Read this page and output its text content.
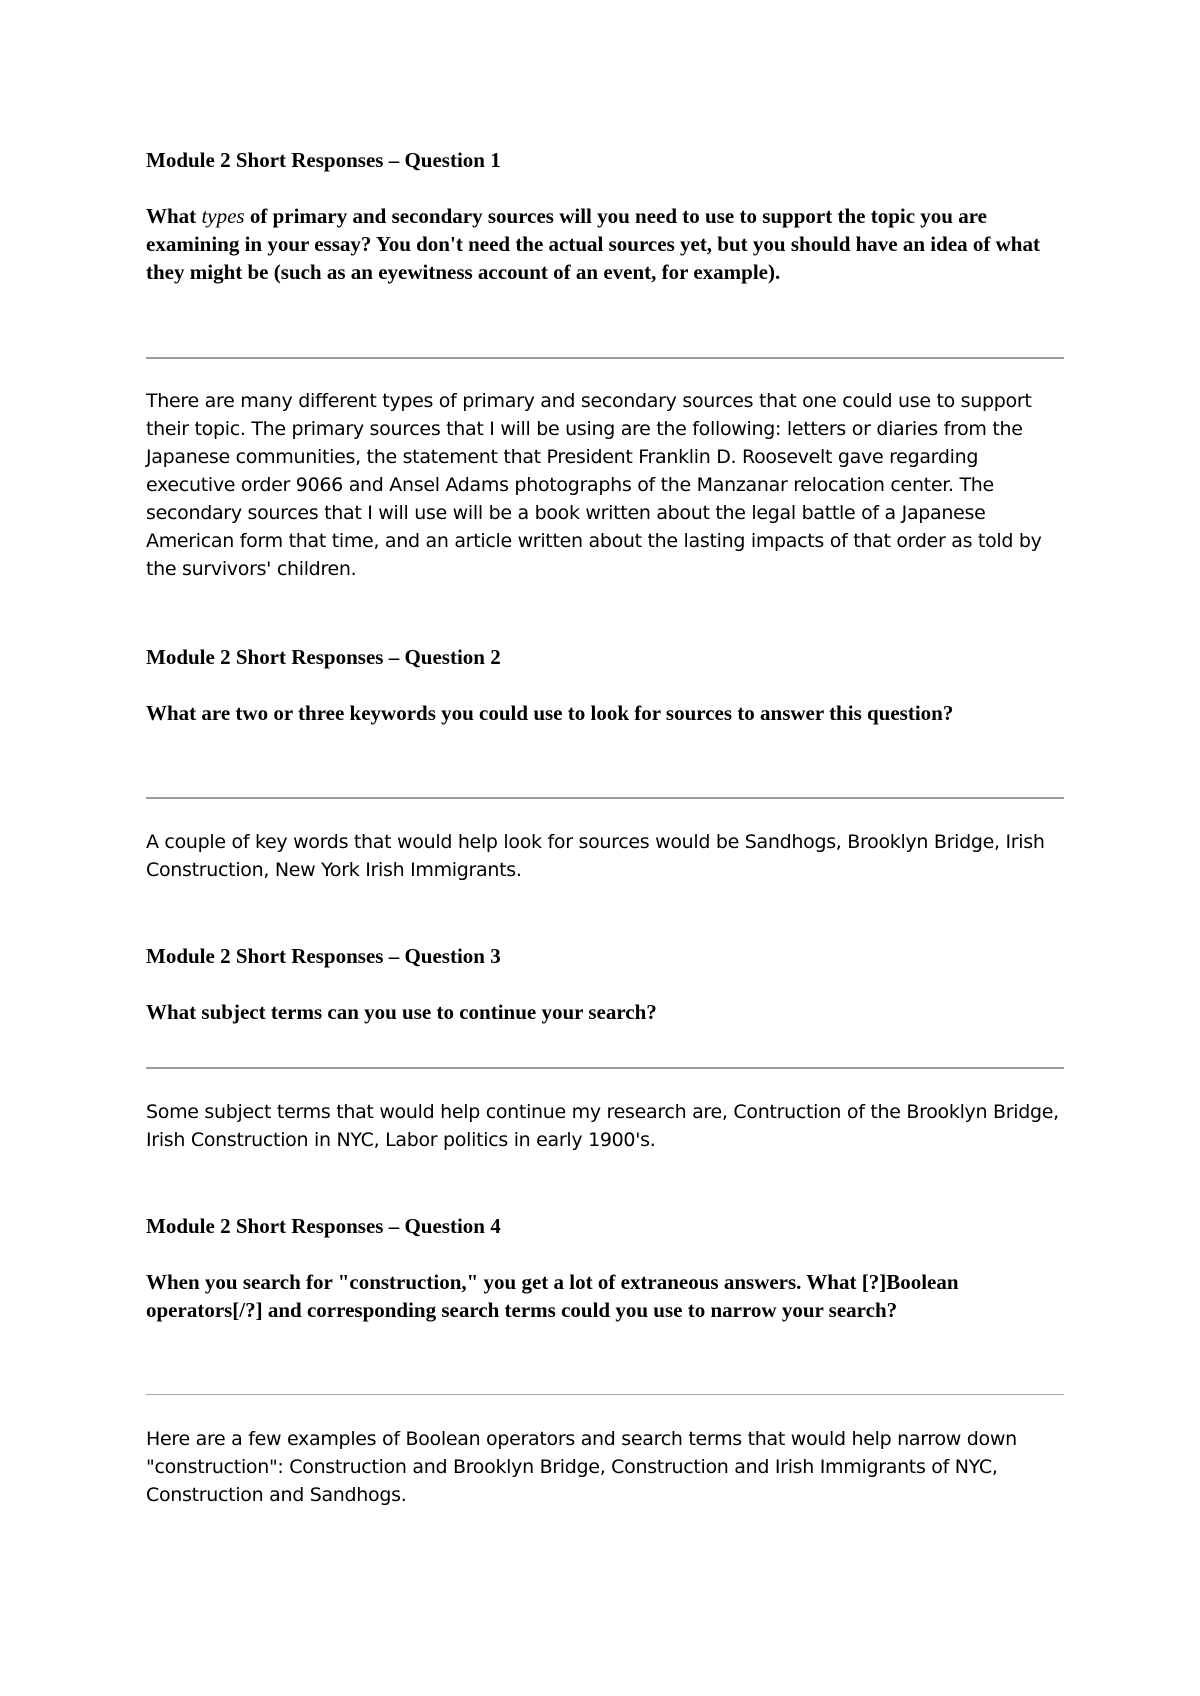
Module 2 Short Responses – Question 1

What types of primary and secondary sources will you need to use to support the topic you are examining in your essay? You don't need the actual sources yet, but you should have an idea of what they might be (such as an eyewitness account of an event, for example).

There are many different types of primary and secondary sources that one could use to support their topic. The primary sources that I will be using are the following: letters or diaries from the Japanese communities, the statement that President Franklin D. Roosevelt gave regarding executive order 9066 and Ansel Adams photographs of the Manzanar relocation center. The secondary sources that I will use will be a book written about the legal battle of a Japanese American form that time, and an article written about the lasting impacts of that order as told by the survivors' children.

Module 2 Short Responses – Question 2

What are two or three keywords you could use to look for sources to answer this question?

A couple of key words that would help look for sources would be Sandhogs, Brooklyn Bridge, Irish Construction, New York Irish Immigrants.

Module 2 Short Responses – Question 3

What subject terms can you use to continue your search?

Some subject terms that would help continue my research are, Contruction of the Brooklyn Bridge, Irish Construction in NYC, Labor politics in early 1900's.

Module 2 Short Responses – Question 4

When you search for "construction," you get a lot of extraneous answers. What [?]Boolean operators[/?] and corresponding search terms could you use to narrow your search?

Here are a few examples of Boolean operators and search terms that would help narrow down "construction": Construction and Brooklyn Bridge, Construction and Irish Immigrants of NYC, Construction and Sandhogs.
